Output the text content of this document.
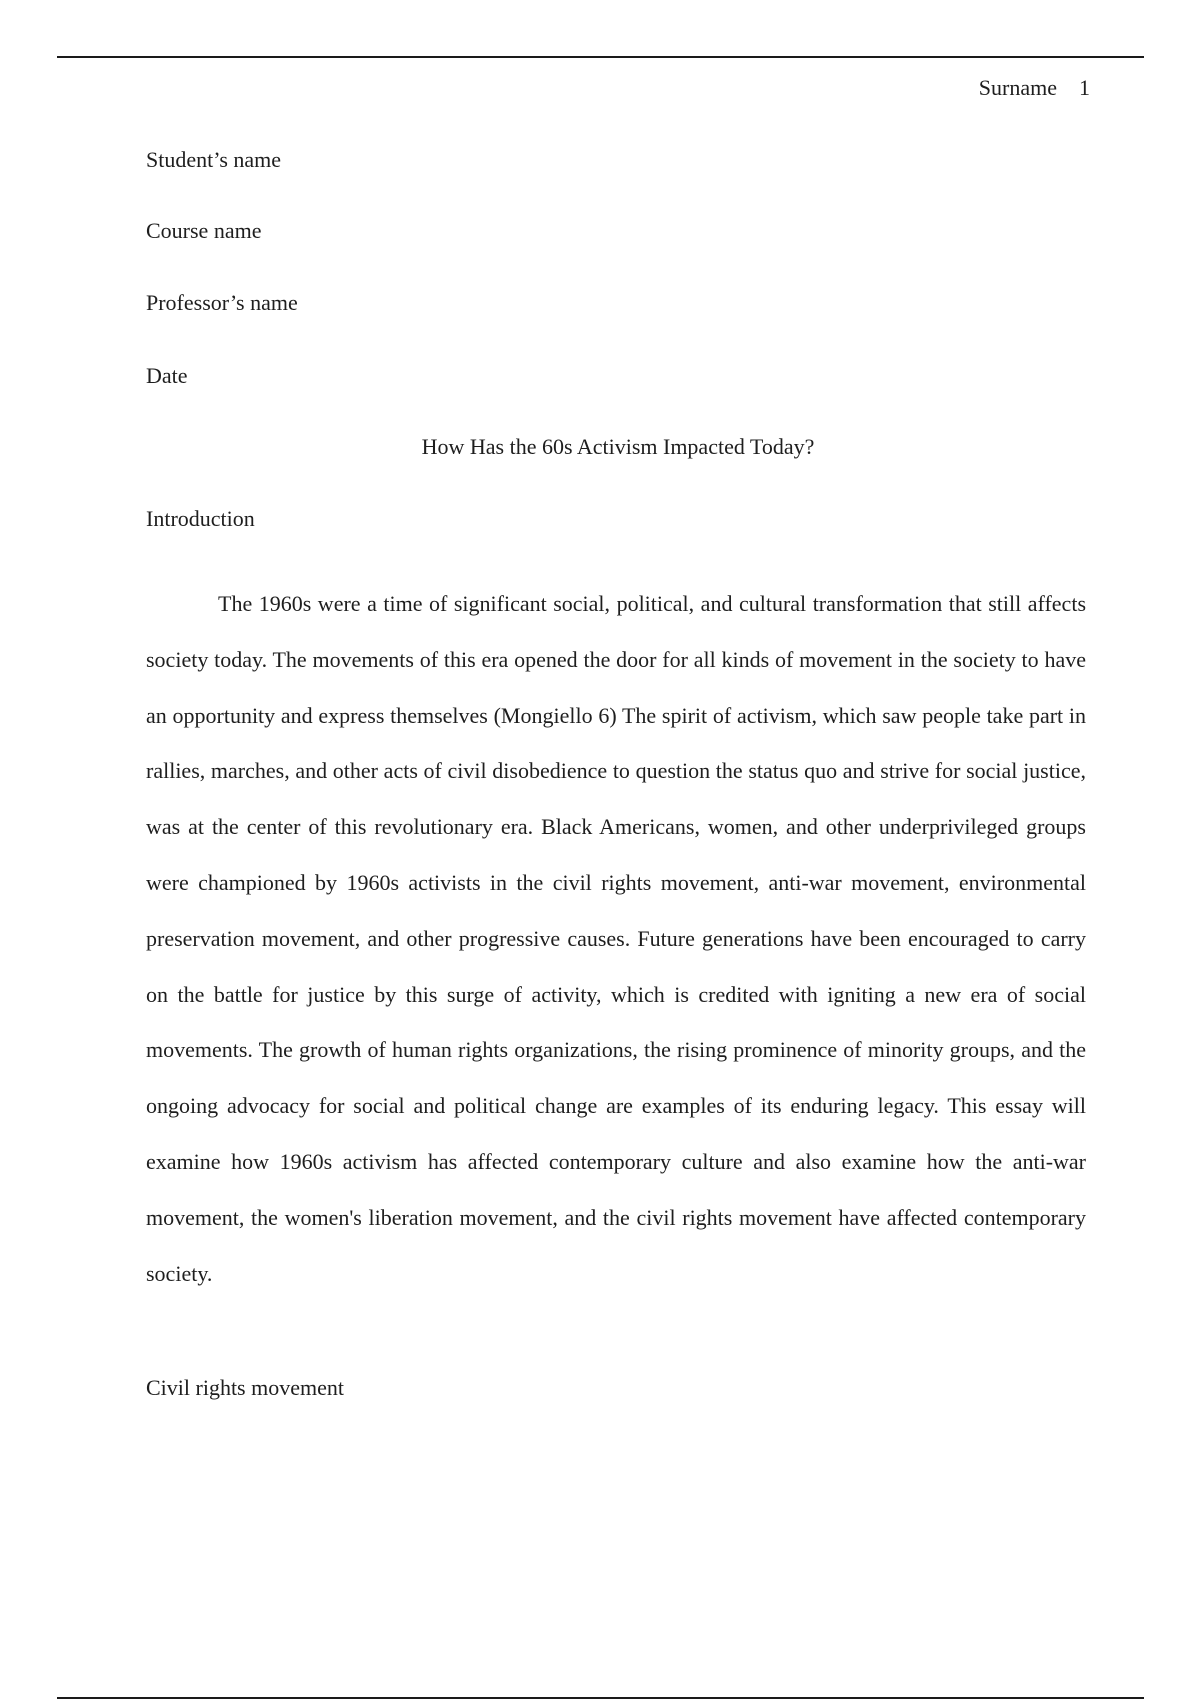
Surname 1
Student’s name
Course name
Professor’s name
Date
How Has the 60s Activism Impacted Today?
Introduction
The 1960s were a time of significant social, political, and cultural transformation that still affects society today. The movements of this era opened the door for all kinds of movement in the society to have an opportunity and express themselves (Mongiello 6) The spirit of activism, which saw people take part in rallies, marches, and other acts of civil disobedience to question the status quo and strive for social justice, was at the center of this revolutionary era. Black Americans, women, and other underprivileged groups were championed by 1960s activists in the civil rights movement, anti-war movement, environmental preservation movement, and other progressive causes. Future generations have been encouraged to carry on the battle for justice by this surge of activity, which is credited with igniting a new era of social movements. The growth of human rights organizations, the rising prominence of minority groups, and the ongoing advocacy for social and political change are examples of its enduring legacy. This essay will examine how 1960s activism has affected contemporary culture and also examine how the anti-war movement, the women's liberation movement, and the civil rights movement have affected contemporary society.
Civil rights movement
